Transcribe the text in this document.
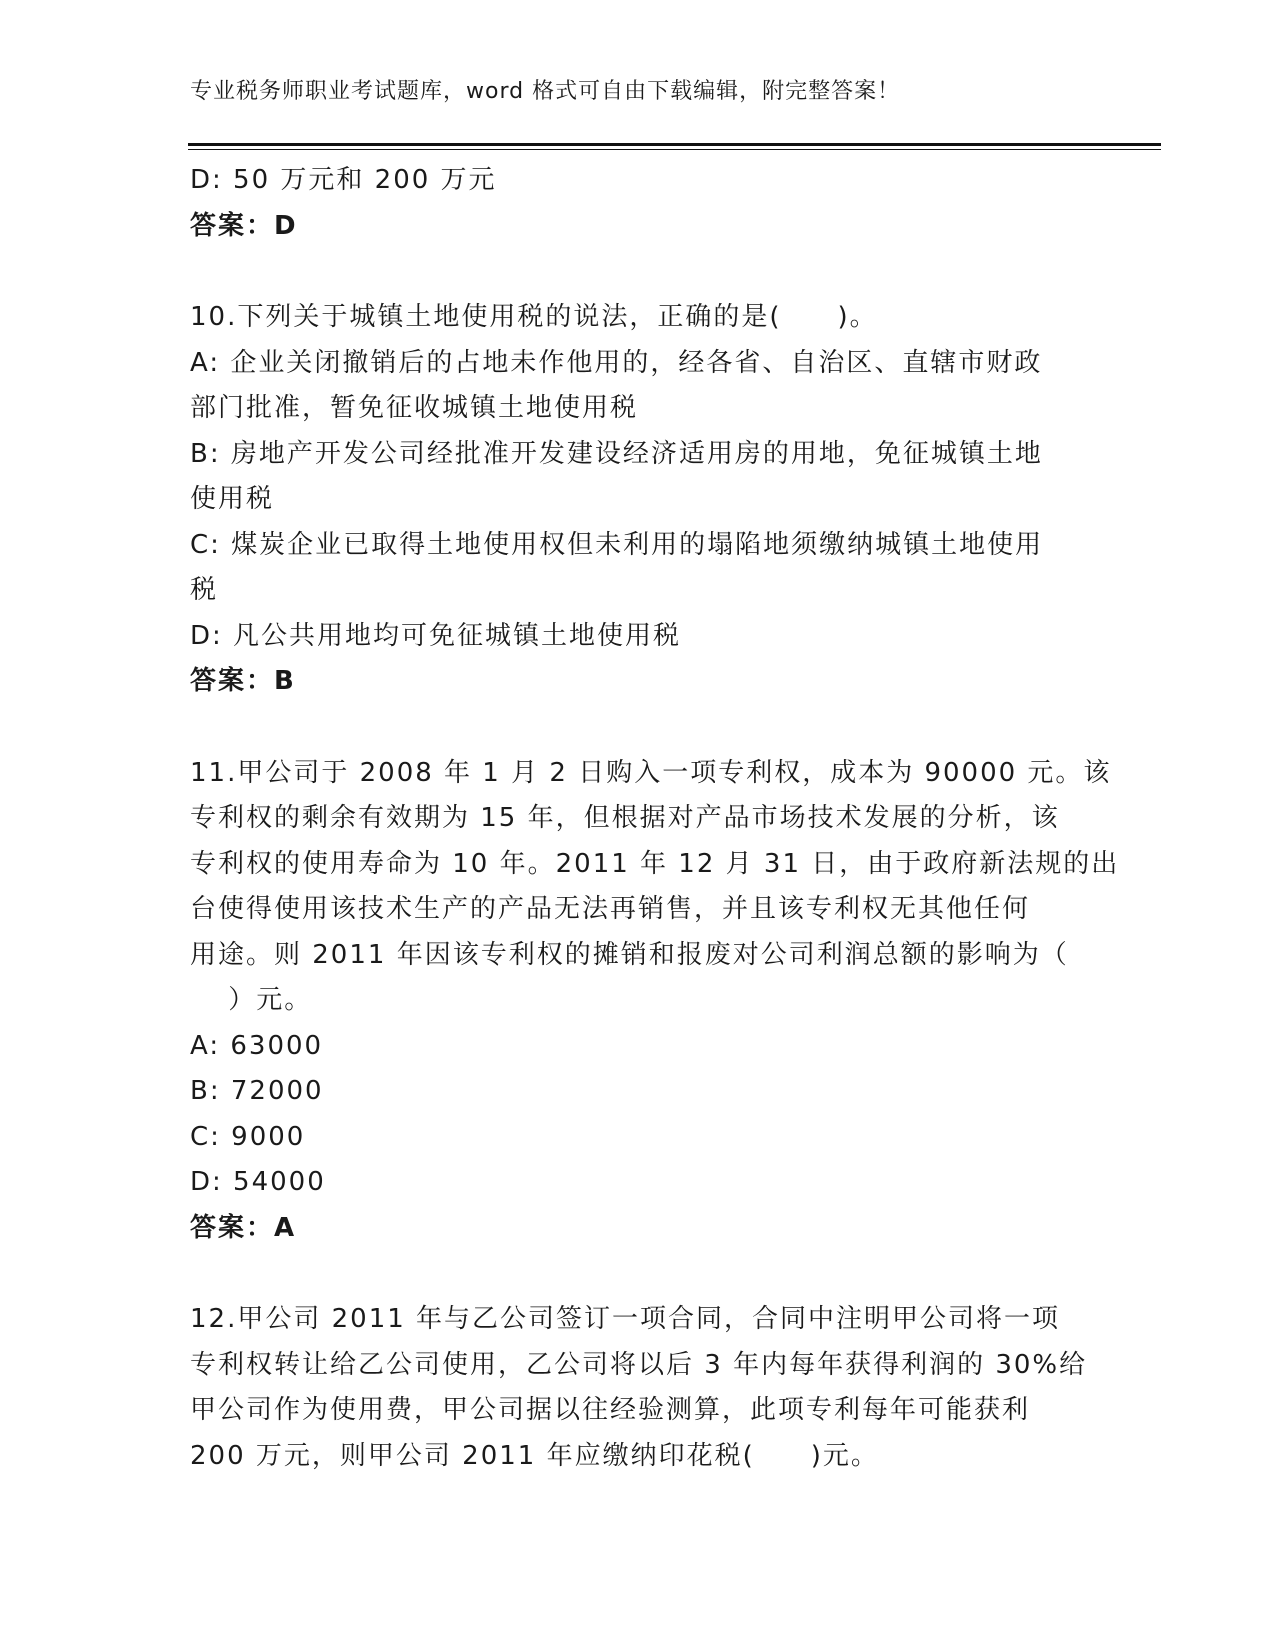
专业税务师职业考试题库，word 格式可自由下载编辑，附完整答案！
D: 50 万元和 200 万元
答案：D
10.下列关于城镇土地使用税的说法，正确的是(　　)。
A: 企业关闭撤销后的占地未作他用的，经各省、自治区、直辖市财政
部门批准，暂免征收城镇土地使用税
B: 房地产开发公司经批准开发建设经济适用房的用地，免征城镇土地
使用税
C: 煤炭企业已取得土地使用权但未利用的塌陷地须缴纳城镇土地使用
税
D: 凡公共用地均可免征城镇土地使用税
答案：B
11.甲公司于 2008 年 1 月 2 日购入一项专利权，成本为 90000 元。该
专利权的剩余有效期为 15 年，但根据对产品市场技术发展的分析，该
专利权的使用寿命为 10 年。2011 年 12 月 31 日，由于政府新法规的出
台使得使用该技术生产的产品无法再销售，并且该专利权无其他任何
用途。则 2011 年因该专利权的摊销和报废对公司利润总额的影响为（
　 ）元。
A: 63000
B: 72000
C: 9000
D: 54000
答案：A
12.甲公司 2011 年与乙公司签订一项合同，合同中注明甲公司将一项
专利权转让给乙公司使用，乙公司将以后 3 年内每年获得利润的 30%给
甲公司作为使用费，甲公司据以往经验测算，此项专利每年可能获利
200 万元，则甲公司 2011 年应缴纳印花税(　　)元。
